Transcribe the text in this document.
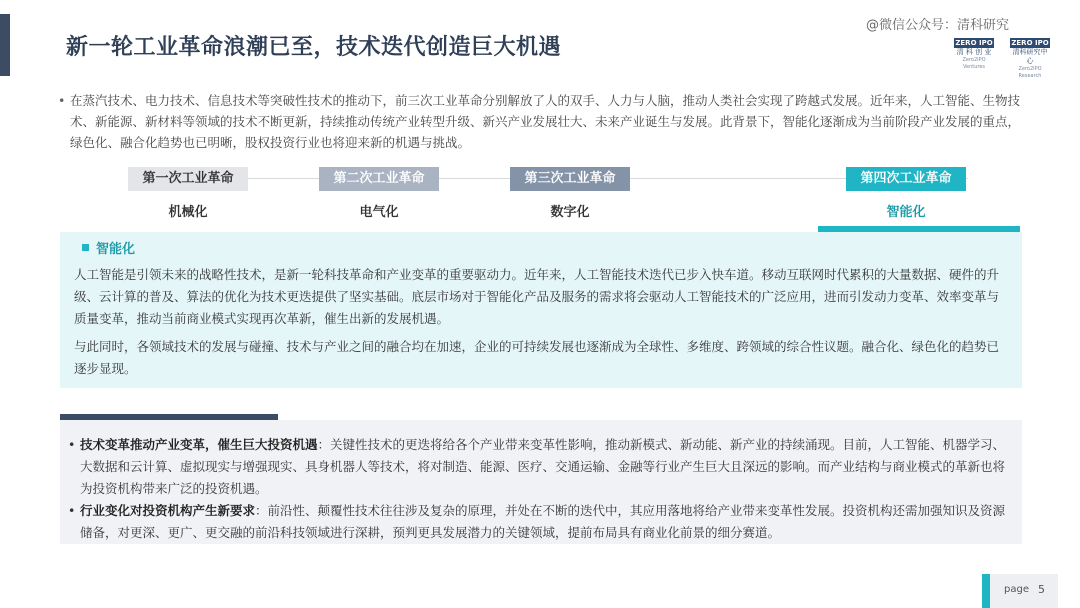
新一轮工业革命浪潮已至，技术迭代创造巨大机遇
@微信公众号：清科研究
ZERO IPO
清 科 创 业
Zero2IPO Ventures
ZERO IPO
清科研究中心
Zero2IPO Research
• 在蒸汽技术、电力技术、信息技术等突破性技术的推动下，前三次工业革命分别解放了人的双手、人力与人脑，推动人类社会实现了跨越式发展。近年来，人工智能、生物技术、新能源、新材料等领域的技术不断更新，持续推动传统产业转型升级、新兴产业发展壮大、未来产业诞生与发展。此背景下，智能化逐渐成为当前阶段产业发展的重点， 绿色化、融合化趋势也已明晰，股权投资行业也将迎来新的机遇与挑战。
第一次工业革命	第二次工业革命	第三次工业革命	第四次工业革命
机械化	电气化	数字化	智能化
智能化

人工智能是引领未来的战略性技术，是新一轮科技革命和产业变革的重要驱动力。近年来，人工智能技术迭代已步入快车道。移动互联网时代累积的大量数据、硬件的升级、云计算的普及、算法的优化为技术更迭提供了坚实基础。底层市场对于智能化产品及服务的需求将会驱动人工智能技术的广泛应用，进而引发动力变革、效率变革与质量变革，推动当前商业模式实现再次革新，催生出新的发展机遇。

与此同时，各领域技术的发展与碰撞、技术与产业之间的融合均在加速，企业的可持续发展也逐渐成为全球性、多维度、跨领域的综合性议题。融合化、绿色化的趋势已逐步显现。

• 技术变革推动产业变革，催生巨大投资机遇：关键性技术的更迭将给各个产业带来变革性影响，推动新模式、新动能、新产业的持续涌现。目前，人工智能、机器学习、大数据和云计算、虚拟现实与增强现实、具身机器人等技术，将对制造、能源、医疗、交通运输、金融等行业产生巨大且深远的影响。而产业结构与商业模式的革新也将为投资机构带来广泛的投资机遇。
• 行业变化对投资机构产生新要求：前沿性、颠覆性技术往往涉及复杂的原理，并处在不断的迭代中，其应用落地将给产业带来变革性发展。投资机构还需加强知识及资源储备，对更深、更广、更交融的前沿科技领域进行深耕，预判更具发展潜力的关键领域，提前布局具有商业化前景的细分赛道。
page 5
